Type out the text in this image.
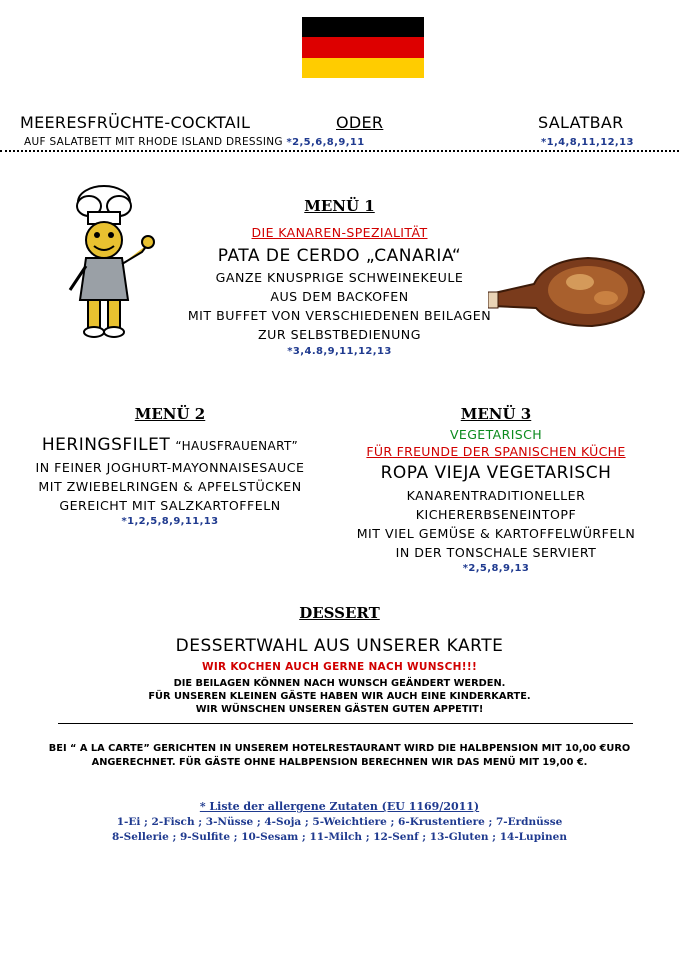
MEERESFRÜCHTE-COCKTAIL	ODER	SALATBAR
AUF SALATBETT MIT RHODE ISLAND DRESSING *2,5,6,8,9,11	*1,4,8,11,12,13
MENÜ 1
DIE KANAREN-SPEZIALITÄT
PATA DE CERDO „CANARIA“
GANZE KNUSPRIGE SCHWEINEKEULE
AUS DEM BACKOFEN
MIT BUFFET VON VERSCHIEDENEN BEILAGEN
ZUR SELBSTBEDIENUNG
*3,4.8,9,11,12,13
MENÜ 2
HERINGSFILET “HAUSFRAUENART”
IN FEINER JOGHURT-MAYONNAISESAUCE
MIT ZWIEBELRINGEN & APFELSTÜCKEN
GEREICHT MIT SALZKARTOFFELN
*1,2,5,8,9,11,13
MENÜ 3
VEGETARISCH
FÜR FREUNDE DER SPANISCHEN KÜCHE
ROPA VIEJA VEGETARISCH
KANARENTRADITIONELLER
KICHERERBSENEINTOPF
MIT VIEL GEMÜSE & KARTOFFELWÜRFELN
IN DER TONSCHALE SERVIERT
*2,5,8,9,13
DESSERT
DESSERTWAHL AUS UNSERER KARTE
WIR KOCHEN AUCH GERNE NACH WUNSCH!!!
DIE BEILAGEN KÖNNEN NACH WUNSCH GEÄNDERT WERDEN.
FÜR UNSEREN KLEINEN GÄSTE HABEN WIR AUCH EINE KINDERKARTE.
WIR WÜNSCHEN UNSEREN GÄSTEN GUTEN APPETIT!
BEI “ A LA CARTE” GERICHTEN IN UNSEREM HOTELRESTAURANT WIRD DIE HALBPENSION MIT 10,00 €URO
ANGERECHNET. FÜR GÄSTE OHNE HALBPENSION BERECHNEN WIR DAS MENÜ MIT 19,00 €.
* Liste der allergene Zutaten (EU 1169/2011)
1-Ei ; 2-Fisch ; 3-Nüsse ; 4-Soja ; 5-Weichtiere ; 6-Krustentiere ; 7-Erdnüsse
8-Sellerie ; 9-Sulfite ; 10-Sesam ; 11-Milch ; 12-Senf ; 13-Gluten ; 14-Lupinen
